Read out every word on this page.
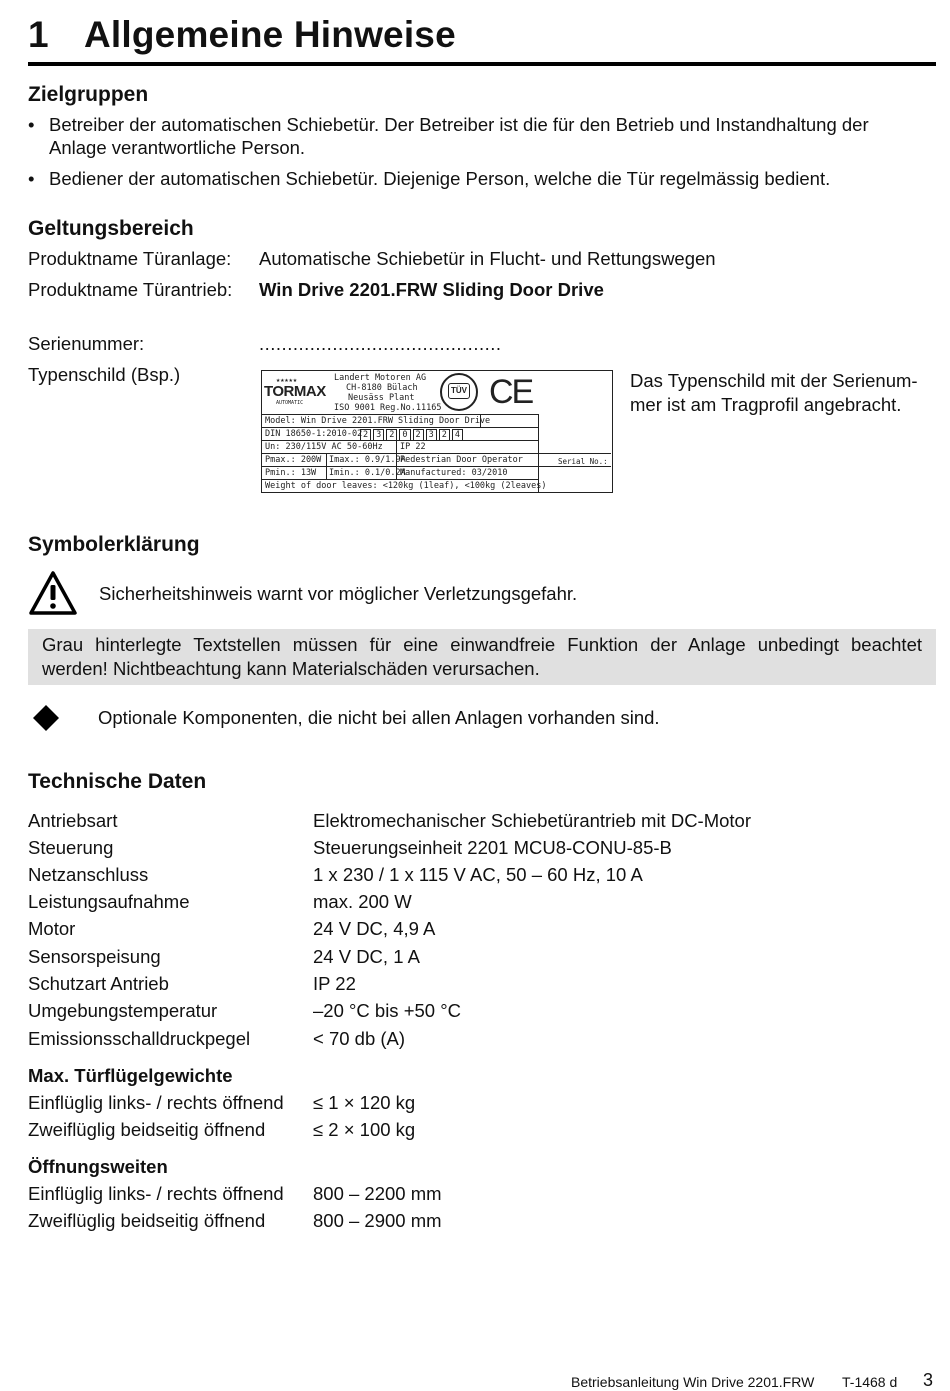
1 Allgemeine Hinweise
Zielgruppen
• Betreiber der automatischen Schiebetür. Der Betreiber ist die für den Betrieb und Instandhaltung der
Anlage verantwortliche Person.
• Bediener der automatischen Schiebetür. Diejenige Person, welche die Tür regelmässig bedient.
Geltungsbereich
Produktname Türanlage: Automatische Schiebetür in Flucht- und Rettungswegen
Produktname Türantrieb: Win Drive 2201.FRW Sliding Door Drive
Serienummer:	...........................................
Typenschild (Bsp.)	Das Typenschild mit der Serienum-
mer ist am Tragprofil angebracht.
★★★★★
TORMAX
AUTOMATIC
Landert Motoren AG
CH-8180 Bülach
Neusäss Plant
ISO 9001 Reg.No.11165
TÜV CE
Model: Win Drive 2201.FRW Sliding Door Drive
DIN 18650-1:2010-02 2 3 2 0 2 3 2 4
Un: 230/115V AC 50-60Hz IP 22
Pmax.: 200W Imax.: 0.9/1.9A
Pedestrian Door Operator	Serial No.:
Pmin.: 13W Imin.: 0.1/0.2A
Manufactured: 03/2010
Weight of door leaves: <120kg (1leaf), <100kg (2leaves)
Symbolerklärung
Sicherheitshinweis warnt vor möglicher Verletzungsgefahr.
Grau hinterlegte Textstellen müssen für eine einwandfreie Funktion der Anlage unbedingt beachtet
werden! Nichtbeachtung kann Materialschäden verursachen.
Optionale Komponenten, die nicht bei allen Anlagen vorhanden sind.
Technische Daten
Antriebsart	Elektromechanischer Schiebetürantrieb mit DC-Motor
Steuerung	Steuerungseinheit 2201 MCU8-CONU-85-B
Netzanschluss	1 x 230 / 1 x 115 V AC, 50 – 60 Hz, 10 A
Leistungsaufnahme	max. 200 W
Motor	24 V DC, 4,9 A
Sensorspeisung	24 V DC, 1 A
Schutzart Antrieb	IP 22
Umgebungstemperatur	–20 °C bis +50 °C
Emissionsschalldruckpegel	< 70 db (A)
Max. Türflügelgewichte
Einflüglig links- / rechts öffnend ≤ 1 × 120 kg
Zweiflüglig beidseitig öffnend	≤ 2 × 100 kg
Öffnungsweiten
Einflüglig links- / rechts öffnend 800 – 2200 mm
Zweiflüglig beidseitig öffnend	800 – 2900 mm
Betriebsanleitung Win Drive 2201.FRW T-1468 d 3
